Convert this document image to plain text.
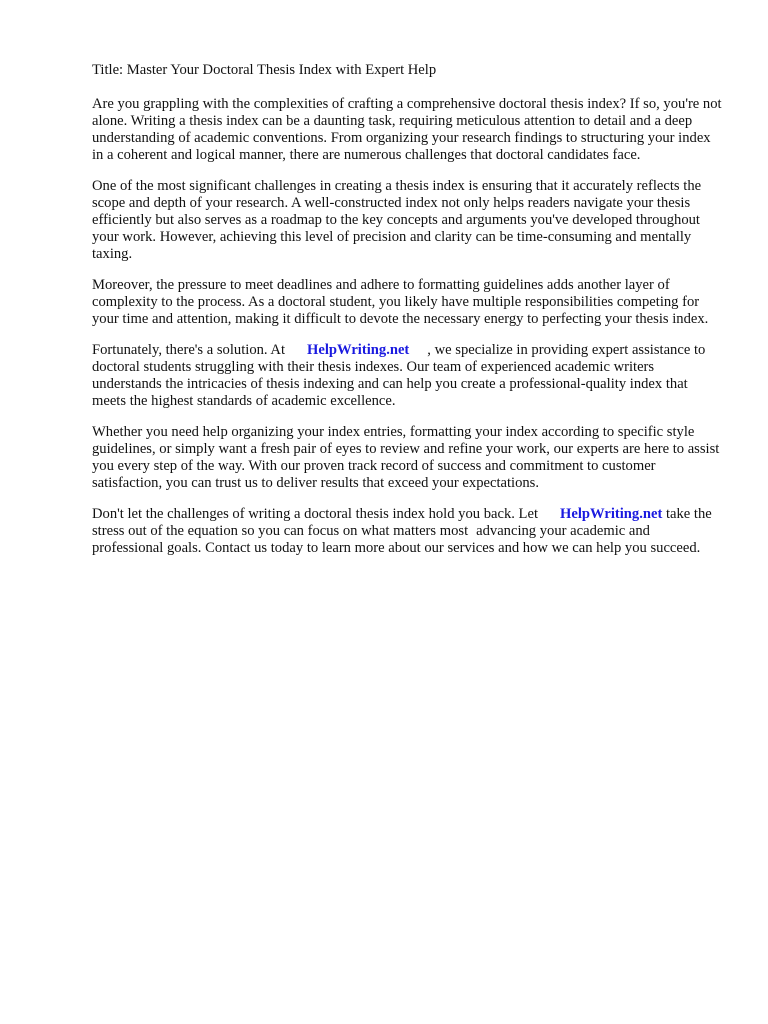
Title: Master Your Doctoral Thesis Index with Expert Help

Are you grappling with the complexities of crafting a comprehensive doctoral thesis index? If so, you're not alone. Writing a thesis index can be a daunting task, requiring meticulous attention to detail and a deep understanding of academic conventions. From organizing your research findings to structuring your index in a coherent and logical manner, there are numerous challenges that doctoral candidates face.

One of the most significant challenges in creating a thesis index is ensuring that it accurately reflects the scope and depth of your research. A well-constructed index not only helps readers navigate your thesis efficiently but also serves as a roadmap to the key concepts and arguments you've developed throughout your work. However, achieving this level of precision and clarity can be time-consuming and mentally taxing.

Moreover, the pressure to meet deadlines and adhere to formatting guidelines adds another layer of complexity to the process. As a doctoral student, you likely have multiple responsibilities competing for your time and attention, making it difficult to devote the necessary energy to perfecting your thesis index.

Fortunately, there's a solution. At HelpWriting.net , we specialize in providing expert assistance to doctoral students struggling with their thesis indexes. Our team of experienced academic writers understands the intricacies of thesis indexing and can help you create a professional-quality index that meets the highest standards of academic excellence.

Whether you need help organizing your index entries, formatting your index according to specific style guidelines, or simply want a fresh pair of eyes to review and refine your work, our experts are here to assist you every step of the way. With our proven track record of success and commitment to customer satisfaction, you can trust us to deliver results that exceed your expectations.

Don't let the challenges of writing a doctoral thesis index hold you back. Let HelpWriting.net take the stress out of the equation so you can focus on what matters most advancing your academic and professional goals. Contact us today to learn more about our services and how we can help you succeed.
